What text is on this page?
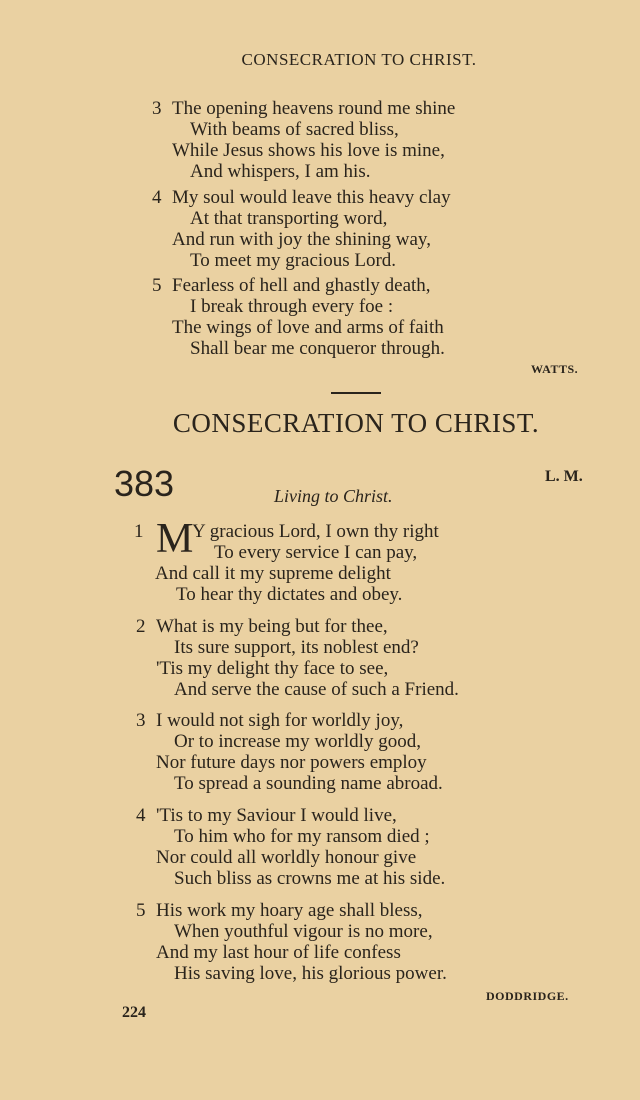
CONSECRATION TO CHRIST.
3 The opening heavens round me shine
With beams of sacred bliss,
While Jesus shows his love is mine,
And whispers, I am his.
4 My soul would leave this heavy clay
At that transporting word,
And run with joy the shining way,
To meet my gracious Lord.
5 Fearless of hell and ghastly death,
I break through every foe :
The wings of love and arms of faith
Shall bear me conqueror through.
WATTS.
CONSECRATION TO CHRIST.
383	L. M.
Living to Christ.
M
1	Y gracious Lord, I own thy right
To every service I can pay,
And call it my supreme delight
To hear thy dictates and obey.
2 What is my being but for thee,
Its sure support, its noblest end?
'Tis my delight thy face to see,
And serve the cause of such a Friend.
3 I would not sigh for worldly joy,
Or to increase my worldly good,
Nor future days nor powers employ
To spread a sounding name abroad.
4 'Tis to my Saviour I would live,
To him who for my ransom died ;
Nor could all worldly honour give
Such bliss as crowns me at his side.
5 His work my hoary age shall bless,
When youthful vigour is no more,
And my last hour of life confess
His saving love, his glorious power.
DODDRIDGE.
224
